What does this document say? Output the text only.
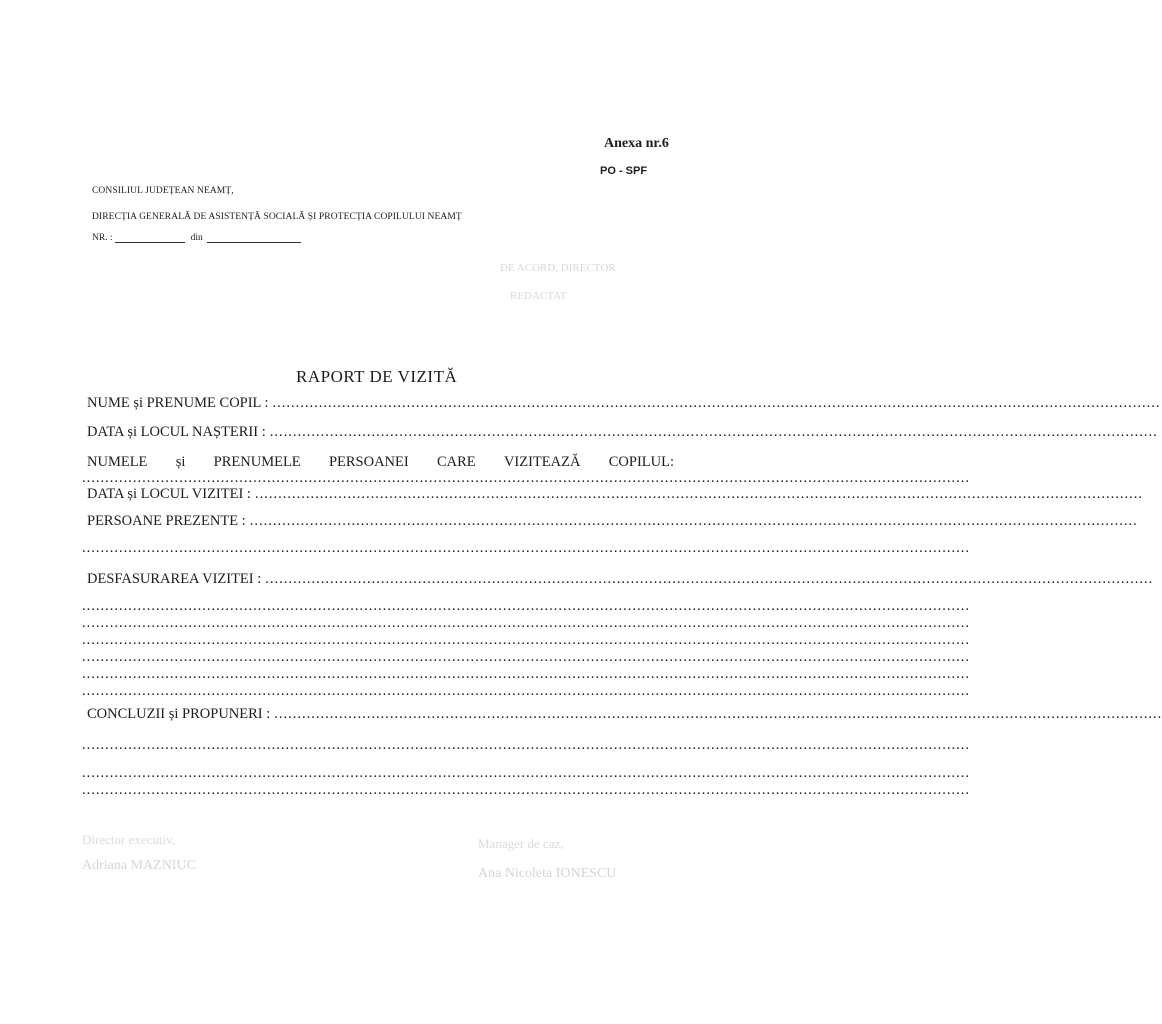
Anexa nr.6
PO - SPF
CONSILIUL JUDEȚEAN NEAMȚ,
DIRECȚIA GENERALĂ DE ASISTENȚĂ SOCIALĂ ȘI PROTECȚIA COPILULUI NEAMȚ
NR. :	din
DE ACORD, DIRECTOR
REDACTAT
RAPORT DE VIZITĂ
NUME și PRENUME COPIL : ................................................................................................................................................................................................
DATA și LOCUL NAȘTERII : ................................................................................................................................................................................................
NUMELE și PRENUMELE PERSOANEI CARE VIZITEAZĂ COPILUL:
................................................................................................................................................................................................
DATA și LOCUL VIZITEI : ................................................................................................................................................................................................
PERSOANE PREZENTE : ................................................................................................................................................................................................
................................................................................................................................................................................................
DESFASURAREA VIZITEI : ................................................................................................................................................................................................
................................................................................................................................................................................................
................................................................................................................................................................................................
................................................................................................................................................................................................
................................................................................................................................................................................................
................................................................................................................................................................................................
................................................................................................................................................................................................
CONCLUZII și PROPUNERI : ................................................................................................................................................................................................
................................................................................................................................................................................................
................................................................................................................................................................................................
................................................................................................................................................................................................
Director executiv,
Adriana MAZNIUC
Manager de caz,
Ana Nicoleta IONESCU
